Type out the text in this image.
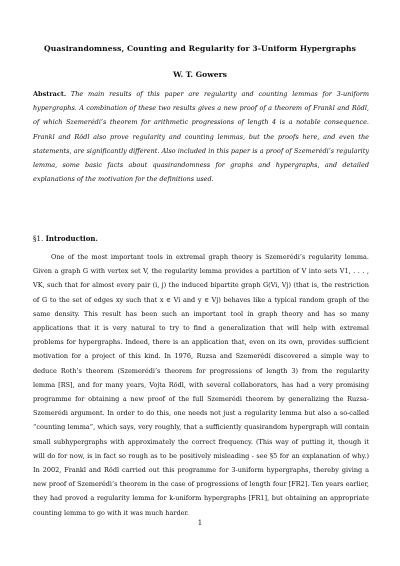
Quasirandomness, Counting and Regularity for 3-Uniform Hypergraphs
W. T. Gowers
Abstract. The main results of this paper are regularity and counting lemmas for 3-uniform hypergraphs. A combination of these two results gives a new proof of a theorem of Frankl and Rödl, of which Szemerédi’s theorem for arithmetic progressions of length 4 is a notable consequence. Frankl and Rödl also prove regularity and counting lemmas, but the proofs here, and even the statements, are significantly different. Also included in this paper is a proof of Szemerédi’s regularity lemma, some basic facts about quasirandomness for graphs and hypergraphs, and detailed explanations of the motivation for the definitions used.
§1. Introduction.
One of the most important tools in extremal graph theory is Szemerédi’s regularity lemma. Given a graph G with vertex set V, the regularity lemma provides a partition of V into sets V1, . . . , VK, such that for almost every pair (i, j) the induced bipartite graph G(Vi, Vj) (that is, the restriction of G to the set of edges xy such that x ∈ Vi and y ∈ Vj) behaves like a typical random graph of the same density. This result has been such an important tool in graph theory and has so many applications that it is very natural to try to find a generalization that will help with extremal problems for hypergraphs. Indeed, there is an application that, even on its own, provides sufficient motivation for a project of this kind. In 1976, Ruzsa and Szemerédi discovered a simple way to deduce Roth’s theorem (Szemerédi’s theorem for progressions of length 3) from the regularity lemma [RS], and for many years, Vojta Rödl, with several collaborators, has had a very promising programme for obtaining a new proof of the full Szemerédi theorem by generalizing the Ruzsa-Szemerédi argument. In order to do this, one needs not just a regularity lemma but also a so-called “counting lemma”, which says, very roughly, that a sufficiently quasirandom hypergraph will contain small subhypergraphs with approximately the correct frequency. (This way of putting it, though it will do for now, is in fact so rough as to be positively misleading - see §5 for an explanation of why.) In 2002, Frankl and Rödl carried out this programme for 3-uniform hypergraphs, thereby giving a new proof of Szemerédi’s theorem in the case of progressions of length four [FR2]. Ten years earlier, they had proved a regularity lemma for k-uniform hypergraphs [FR1], but obtaining an appropriate counting lemma to go with it was much harder.
1
